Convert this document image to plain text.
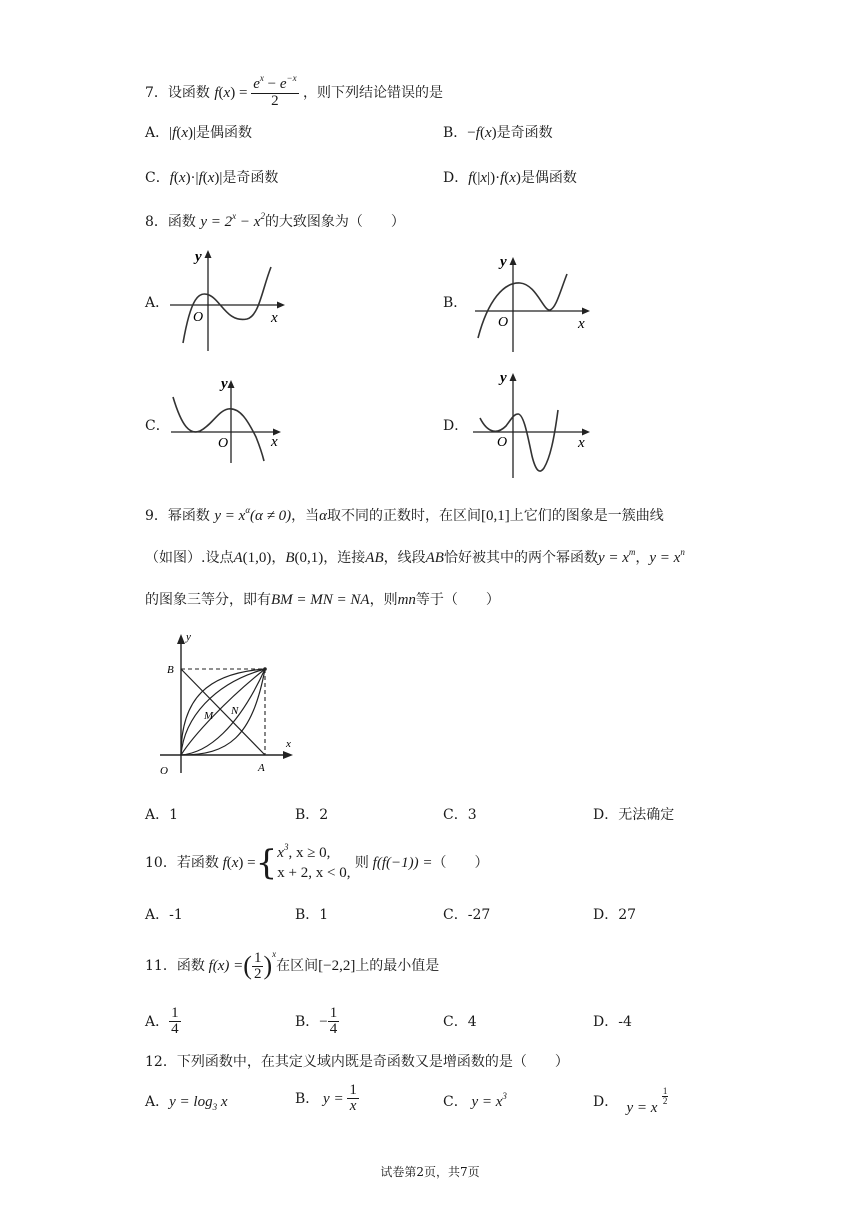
7．设函数 $f(x) = \frac{e^x - e^{-x}}{2}$ ，则下列结论错误的是
A．|f(x)|是偶函数	B．−f(x)是奇函数
C．f(x)·|f(x)|是奇函数	D．f(|x|)·f(x)是偶函数
8．函数 $y = 2^x - x^2$的大致图象为（　　）
A．	B．
C．	D．
y
x
O
y
x
O
y
x
O
y
x
O
9．幂函数 $y = x^\alpha(\alpha \ne 0)$，当α取不同的正数时，在区间[0,1]上它们的图象是一簇曲线
（如图）.设点A(1,0)，B(0,1)，连接AB，线段AB恰好被其中的两个幂函数$y = x^m$，$y = x^n$
的图象三等分，即有BM = MN = NA，则mn等于（　　）
y
x
B
M N
O	A
A．1	B．2	C．3	D．无法确定
10． 若函数 f(x) = { $x^3$, x ≥ 0,
x + 2, x < 0,

则 f(f(−1)) = （　　）
A．-1	B．1	C．-27	D．27
11． 函数 f(x) = ( $\frac{1}{2}$ ) x
在区间 [−2,2] 上的最小值是
A． $\frac{1}{4}$	B． − $\frac{1}{4}$	C．4	D．-4
12．下列函数中，在其定义域内既是奇函数又是增函数的是（　　）
A．$y = \log_3 x$	B． $y = \frac{1}{x}$	C． $y = x^3$	D． y = x
$\frac{1}{2}$
试卷第2页，共7页
